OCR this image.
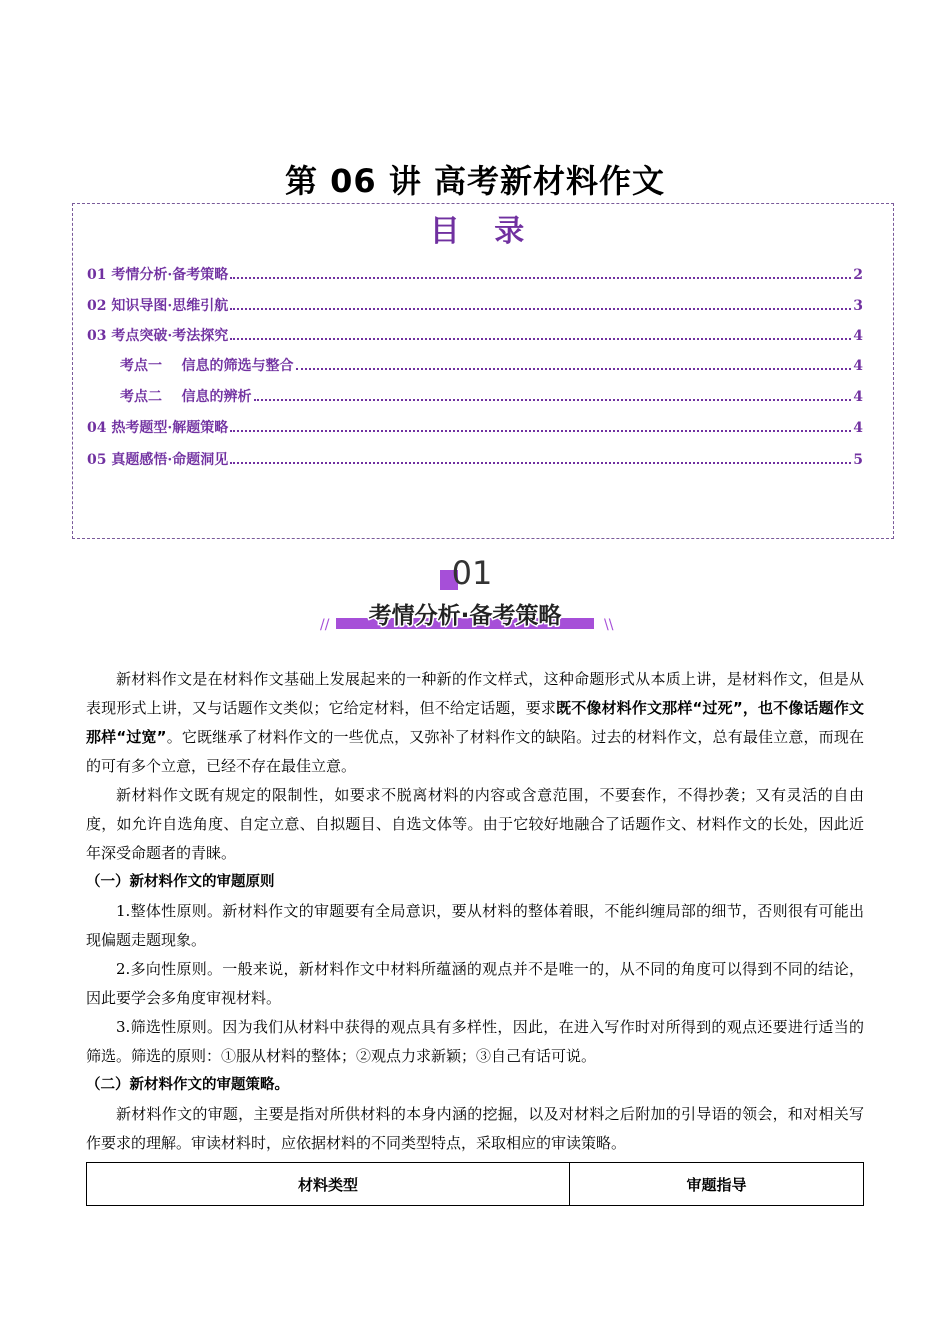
第 06 讲 高考新材料作文
目 录
01 考情分析·备考策略	2
02 知识导图·思维引航	3
03 考点突破·考法探究	4
考点一    信息的筛选与整合	4
考点二    信息的辨析	4
04 热考题型·解题策略	4
05 真题感悟·命题洞见	5
01
//	\\
考情分析·备考策略

新材料作文是在材料作文基础上发展起来的一种新的作文样式，这种命题形式从本质上讲，是材料作文，但是从表现形式上讲，又与话题作文类似；它给定材料，但不给定话题，要求既不像材料作文那样“过死”，也不像话题作文那样“过宽”。它既继承了材料作文的一些优点，又弥补了材料作文的缺陷。过去的材料作文，总有最佳立意，而现在的可有多个立意，已经不存在最佳立意。

新材料作文既有规定的限制性，如要求不脱离材料的内容或含意范围，不要套作，不得抄袭；又有灵活的自由度，如允许自选角度、自定立意、自拟题目、自选文体等。由于它较好地融合了话题作文、材料作文的长处，因此近年深受命题者的青睐。

（一）新材料作文的审题原则

1.整体性原则。新材料作文的审题要有全局意识，要从材料的整体着眼，不能纠缠局部的细节，否则很有可能出现偏题走题现象。

2.多向性原则。一般来说，新材料作文中材料所蕴涵的观点并不是唯一的，从不同的角度可以得到不同的结论，因此要学会多角度审视材料。

3.筛选性原则。因为我们从材料中获得的观点具有多样性，因此，在进入写作时对所得到的观点还要进行适当的筛选。筛选的原则：①服从材料的整体；②观点力求新颖；③自己有话可说。

（二）新材料作文的审题策略。

新材料作文的审题，主要是指对所供材料的本身内涵的挖掘，以及对材料之后附加的引导语的领会，和对相关写作要求的理解。审读材料时，应依据材料的不同类型特点，采取相应的审读策略。

材料类型	审题指导
